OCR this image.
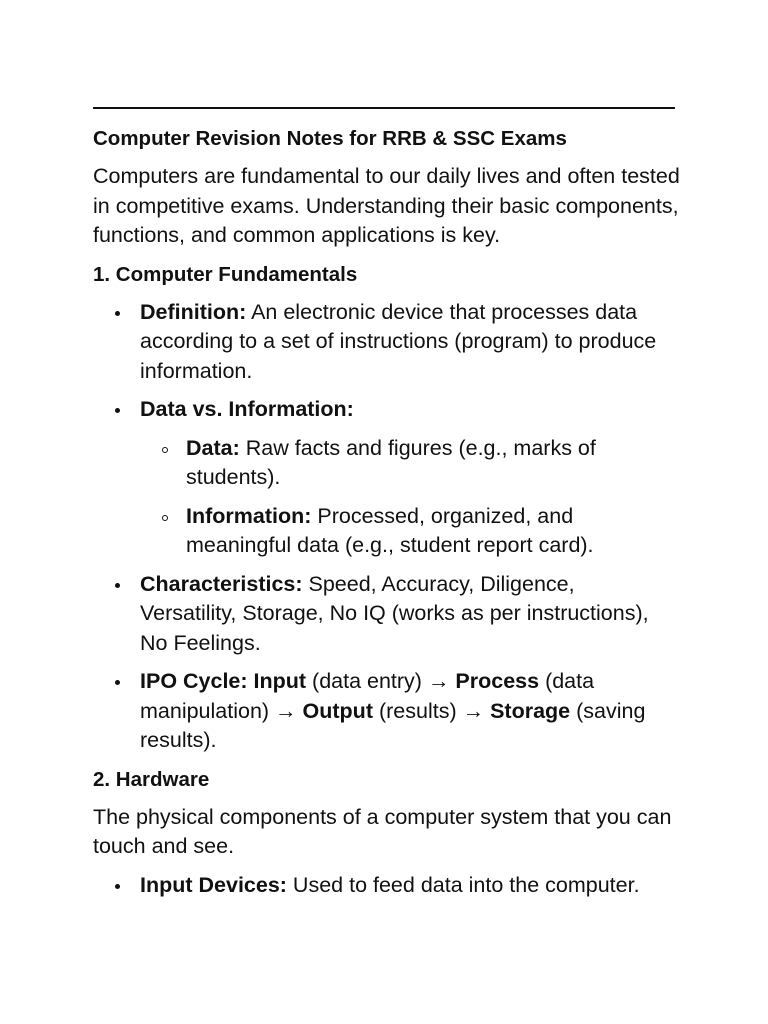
Computer Revision Notes for RRB & SSC Exams

Computers are fundamental to our daily lives and often tested in competitive exams. Understanding their basic components, functions, and common applications is key.

1. Computer Fundamentals
Definition: An electronic device that processes data according to a set of instructions (program) to produce information.
Data vs. Information:
Data: Raw facts and figures (e.g., marks of students).
Information: Processed, organized, and meaningful data (e.g., student report card).
Characteristics: Speed, Accuracy, Diligence, Versatility, Storage, No IQ (works as per instructions), No Feelings.
IPO Cycle: Input (data entry) → Process (data manipulation) → Output (results) → Storage (saving results).
2. Hardware

The physical components of a computer system that you can touch and see.

Input Devices: Used to feed data into the computer.
